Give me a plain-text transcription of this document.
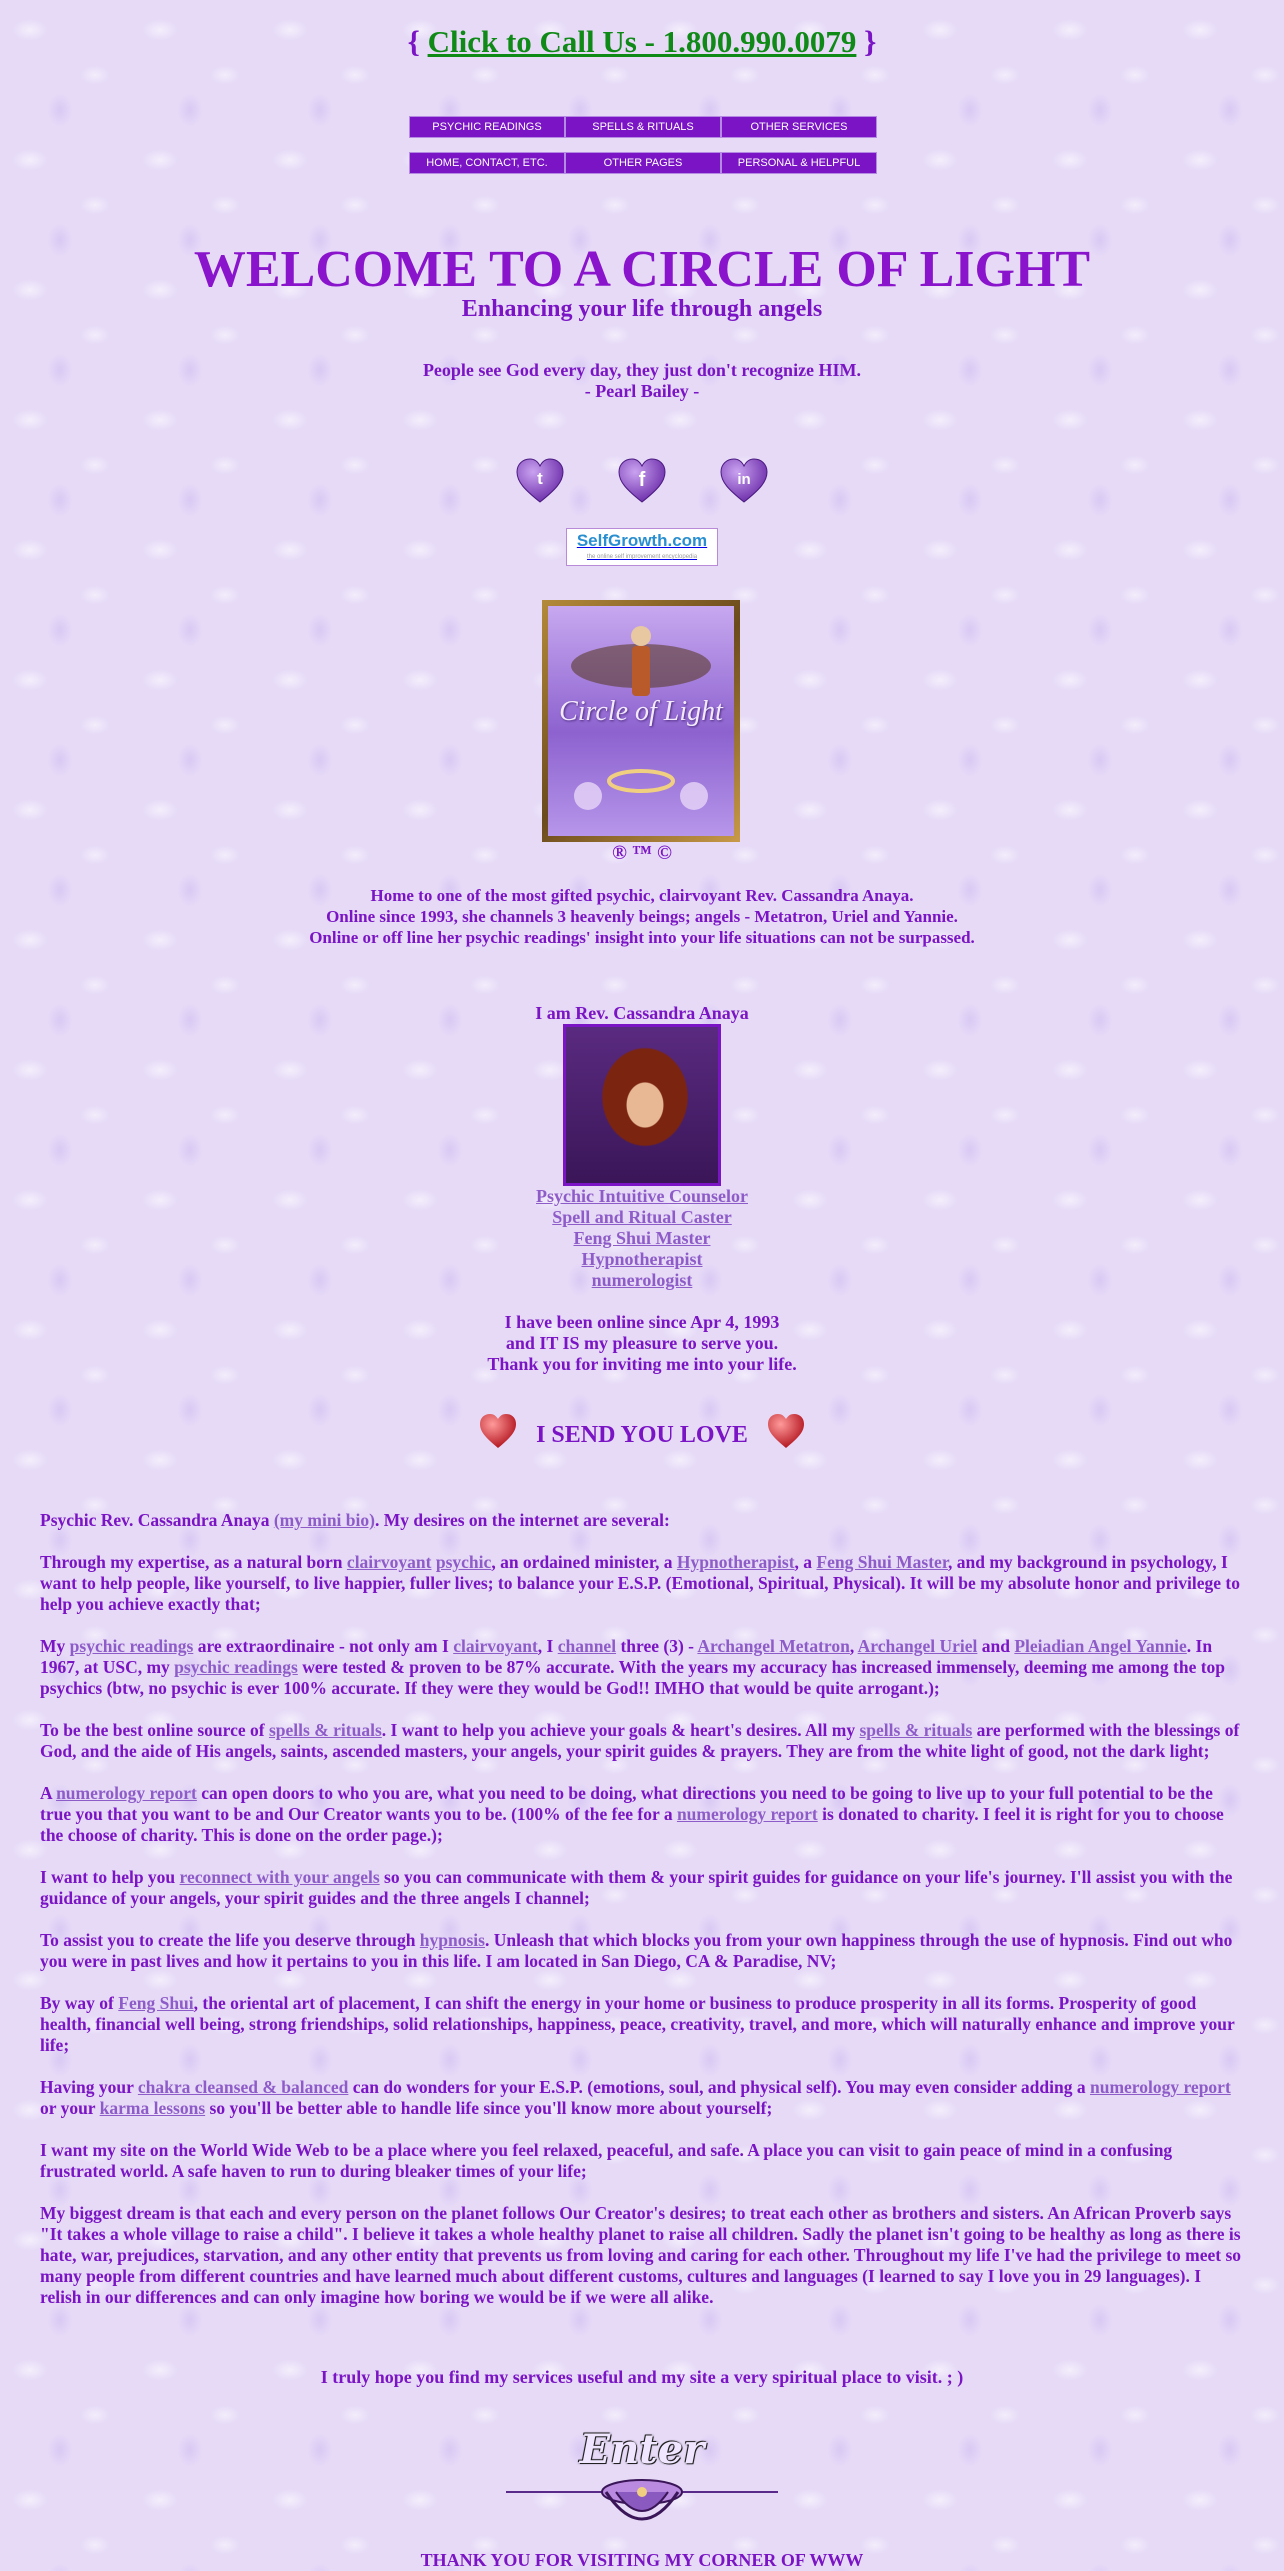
{ Click to Call Us - 1.800.990.0079 }
PSYCHIC READINGS	SPELLS & RITUALS	OTHER SERVICES
HOME, CONTACT, ETC.	OTHER PAGES	PERSONAL & HELPFUL
WELCOME TO A CIRCLE OF LIGHT
Enhancing your life through angels
People see God every day, they just don't recognize HIM.
- Pearl Bailey -
t	f	in
SelfGrowth.com
the online self improvement encyclopedia
Circle of Light
® ™ ©
Home to one of the most gifted psychic, clairvoyant Rev. Cassandra Anaya.
Online since 1993, she channels 3 heavenly beings; angels - Metatron, Uriel and Yannie.
Online or off line her psychic readings' insight into your life situations can not be surpassed.
I am Rev. Cassandra Anaya
Psychic Intuitive Counselor
Spell and Ritual Caster
Feng Shui Master
Hypnotherapist
numerologist
I have been online since Apr 4, 1993
and IT IS my pleasure to serve you.
Thank you for inviting me into your life.
I SEND YOU LOVE

Psychic Rev. Cassandra Anaya (my mini bio). My desires on the internet are several:

Through my expertise, as a natural born clairvoyant psychic, an ordained minister, a Hypnotherapist, a Feng Shui Master, and my background in psychology, I want to help people, like yourself, to live happier, fuller lives; to balance your E.S.P. (Emotional, Spiritual, Physical). It will be my absolute honor and privilege to help you achieve exactly that;

My psychic readings are extraordinaire - not only am I clairvoyant, I channel three (3) - Archangel Metatron, Archangel Uriel and Pleiadian Angel Yannie. In 1967, at USC, my psychic readings were tested & proven to be 87% accurate. With the years my accuracy has increased immensely, deeming me among the top psychics (btw, no psychic is ever 100% accurate. If they were they would be God!! IMHO that would be quite arrogant.);

To be the best online source of spells & rituals. I want to help you achieve your goals & heart's desires. All my spells & rituals are performed with the blessings of God, and the aide of His angels, saints, ascended masters, your angels, your spirit guides & prayers. They are from the white light of good, not the dark light;

A numerology report can open doors to who you are, what you need to be doing, what directions you need to be going to live up to your full potential to be the true you that you want to be and Our Creator wants you to be. (100% of the fee for a numerology report is donated to charity. I feel it is right for you to choose the choose of charity. This is done on the order page.);

I want to help you reconnect with your angels so you can communicate with them & your spirit guides for guidance on your life's journey. I'll assist you with the guidance of your angels, your spirit guides and the three angels I channel;

To assist you to create the life you deserve through hypnosis. Unleash that which blocks you from your own happiness through the use of hypnosis. Find out who you were in past lives and how it pertains to you in this life. I am located in San Diego, CA & Paradise, NV;

By way of Feng Shui, the oriental art of placement, I can shift the energy in your home or business to produce prosperity in all its forms. Prosperity of good health, financial well being, strong friendships, solid relationships, happiness, peace, creativity, travel, and more, which will naturally enhance and improve your life;

Having your chakra cleansed & balanced can do wonders for your E.S.P. (emotions, soul, and physical self). You may even consider adding a numerology report or your karma lessons so you'll be better able to handle life since you'll know more about yourself;

I want my site on the World Wide Web to be a place where you feel relaxed, peaceful, and safe. A place you can visit to gain peace of mind in a confusing frustrated world. A safe haven to run to during bleaker times of your life;

My biggest dream is that each and every person on the planet follows Our Creator's desires; to treat each other as brothers and sisters. An African Proverb says "It takes a whole village to raise a child". I believe it takes a whole healthy planet to raise all children. Sadly the planet isn't going to be healthy as long as there is hate, war, prejudices, starvation, and any other entity that prevents us from loving and caring for each other. Throughout my life I've had the privilege to meet so many people from different countries and have learned much about different customs, cultures and languages (I learned to say I love you in 29 languages). I relish in our differences and can only imagine how boring we would be if we were all alike.

I truly hope you find my services useful and my site a very spiritual place to visit. ; )
Enter
THANK YOU FOR VISITING MY CORNER OF WWW
